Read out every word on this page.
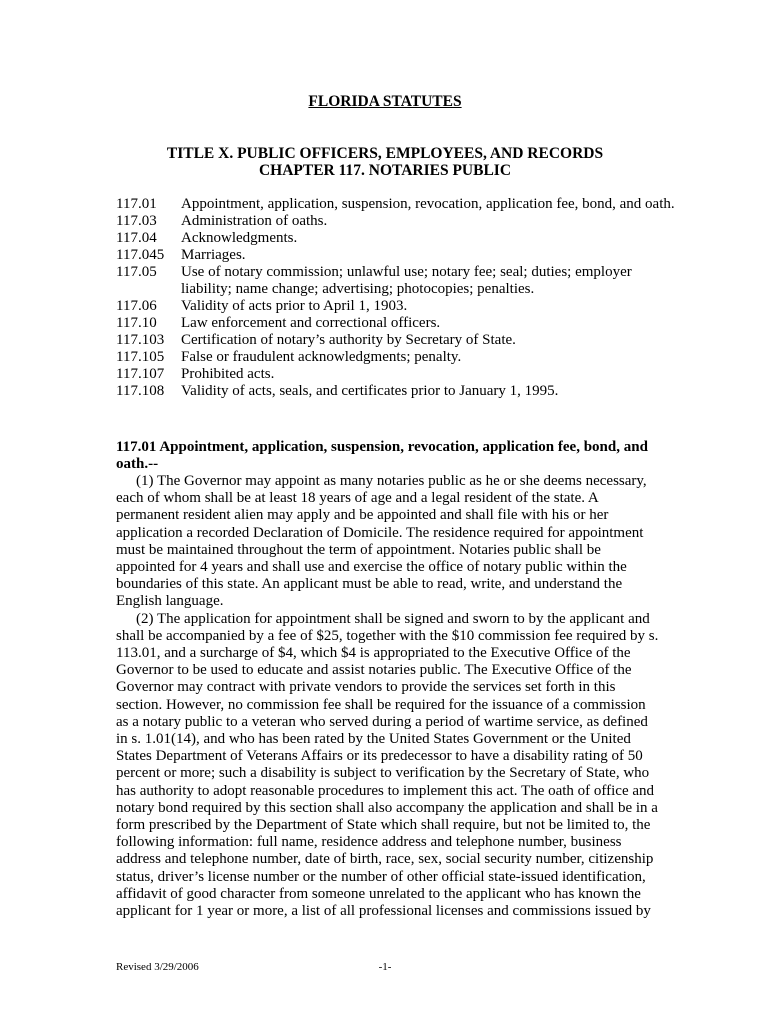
FLORIDA STATUTES
TITLE X. PUBLIC OFFICERS, EMPLOYEES, AND RECORDS
CHAPTER 117. NOTARIES PUBLIC
117.01	Appointment, application, suspension, revocation, application fee, bond, and oath.
117.03	Administration of oaths.
117.04	Acknowledgments.
117.045	Marriages.
117.05	Use of notary commission; unlawful use; notary fee; seal; duties; employer liability; name change; advertising; photocopies; penalties.
117.06	Validity of acts prior to April 1, 1903.
117.10	Law enforcement and correctional officers.
117.103	Certification of notary’s authority by Secretary of State.
117.105	False or fraudulent acknowledgments; penalty.
117.107	Prohibited acts.
117.108	Validity of acts, seals, and certificates prior to January 1, 1995.
117.01 Appointment, application, suspension, revocation, application fee, bond, and oath.--

(1) The Governor may appoint as many notaries public as he or she deems necessary, each of whom shall be at least 18 years of age and a legal resident of the state. A permanent resident alien may apply and be appointed and shall file with his or her application a recorded Declaration of Domicile. The residence required for appointment must be maintained throughout the term of appointment. Notaries public shall be appointed for 4 years and shall use and exercise the office of notary public within the boundaries of this state. An applicant must be able to read, write, and understand the English language.

(2) The application for appointment shall be signed and sworn to by the applicant and shall be accompanied by a fee of $25, together with the $10 commission fee required by s. 113.01, and a surcharge of $4, which $4 is appropriated to the Executive Office of the Governor to be used to educate and assist notaries public. The Executive Office of the Governor may contract with private vendors to provide the services set forth in this section. However, no commission fee shall be required for the issuance of a commission as a notary public to a veteran who served during a period of wartime service, as defined in s. 1.01(14), and who has been rated by the United States Government or the United States Department of Veterans Affairs or its predecessor to have a disability rating of 50 percent or more; such a disability is subject to verification by the Secretary of State, who has authority to adopt reasonable procedures to implement this act. The oath of office and notary bond required by this section shall also accompany the application and shall be in a form prescribed by the Department of State which shall require, but not be limited to, the following information: full name, residence address and telephone number, business address and telephone number, date of birth, race, sex, social security number, citizenship status, driver’s license number or the number of other official state-issued identification, affidavit of good character from someone unrelated to the applicant who has known the applicant for 1 year or more, a list of all professional licenses and commissions issued by

Revised 3/29/2006	-1-
